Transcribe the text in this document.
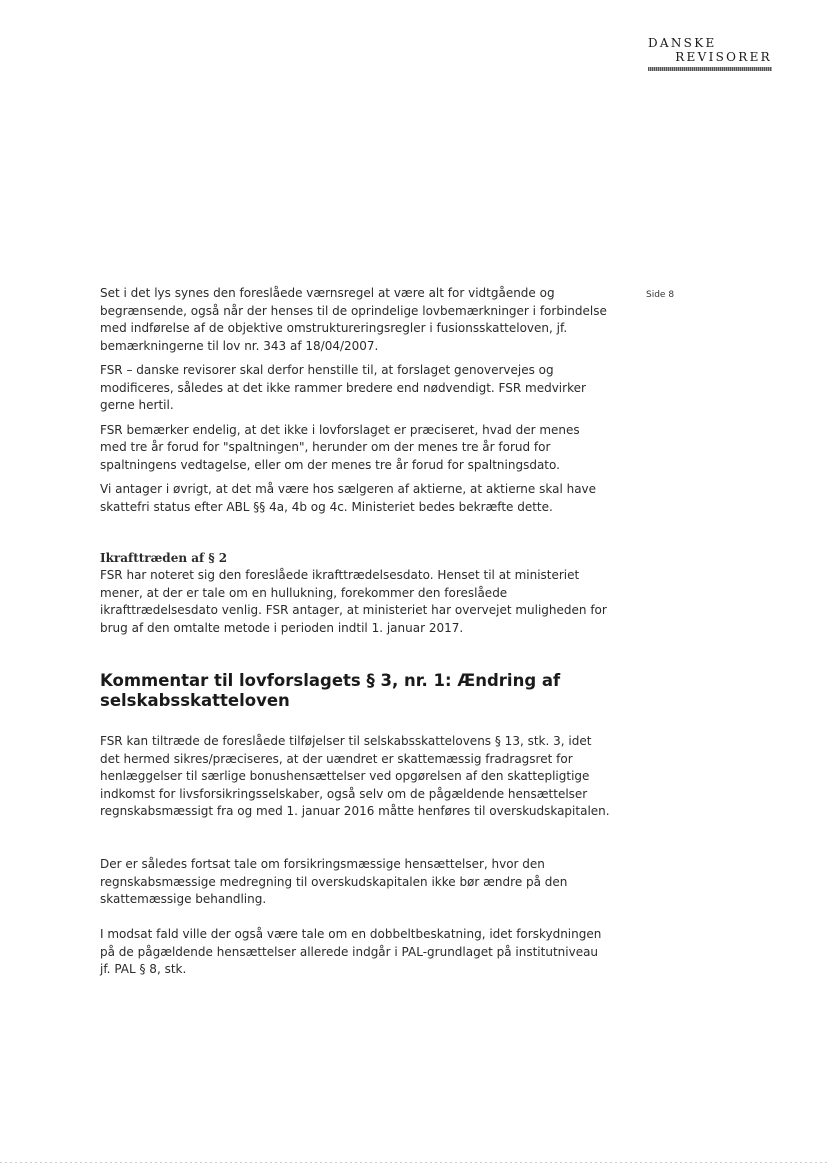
DANSKE
REVISORER
Side 8

Set i det lys synes den foreslåede værnsregel at være alt for vidtgående og begrænsende, også når der henses til de oprindelige lovbemærkninger i forbindelse med indførelse af de objektive omstruktureringsregler i fusionsskatteloven, jf. bemærkningerne til lov nr. 343 af 18/04/2007.

FSR – danske revisorer skal derfor henstille til, at forslaget genovervejes og modificeres, således at det ikke rammer bredere end nødvendigt. FSR medvirker gerne hertil.

FSR bemærker endelig, at det ikke i lovforslaget er præciseret, hvad der menes med tre år forud for "spaltningen", herunder om der menes tre år forud for spaltningens vedtagelse, eller om der menes tre år forud for spaltningsdato.

Vi antager i øvrigt, at det må være hos sælgeren af aktierne, at aktierne skal have skattefri status efter ABL §§ 4a, 4b og 4c. Ministeriet bedes bekræfte dette.

Ikrafttræden af § 2

FSR har noteret sig den foreslåede ikrafttrædelsesdato. Henset til at ministeriet mener, at der er tale om en hullukning, forekommer den foreslåede ikrafttrædelsesdato venlig. FSR antager, at ministeriet har overvejet muligheden for brug af den omtalte metode i perioden indtil 1. januar 2017.

Kommentar til lovforslagets § 3, nr. 1: Ændring af selskabsskatteloven

FSR kan tiltræde de foreslåede tilføjelser til selskabsskattelovens § 13, stk. 3, idet det hermed sikres/præciseres, at der uændret er skattemæssig fradragsret for henlæggelser til særlige bonushensættelser ved opgørelsen af den skattepligtige indkomst for livsforsikringsselskaber, også selv om de pågældende hensættelser regnskabsmæssigt fra og med 1. januar 2016 måtte henføres til overskudskapitalen.

Der er således fortsat tale om forsikringsmæssige hensættelser, hvor den regnskabsmæssige medregning til overskudskapitalen ikke bør ændre på den skattemæssige behandling.

I modsat fald ville der også være tale om en dobbeltbeskatning, idet forskydningen på de pågældende hensættelser allerede indgår i PAL-grundlaget på institutniveau jf. PAL § 8, stk.
